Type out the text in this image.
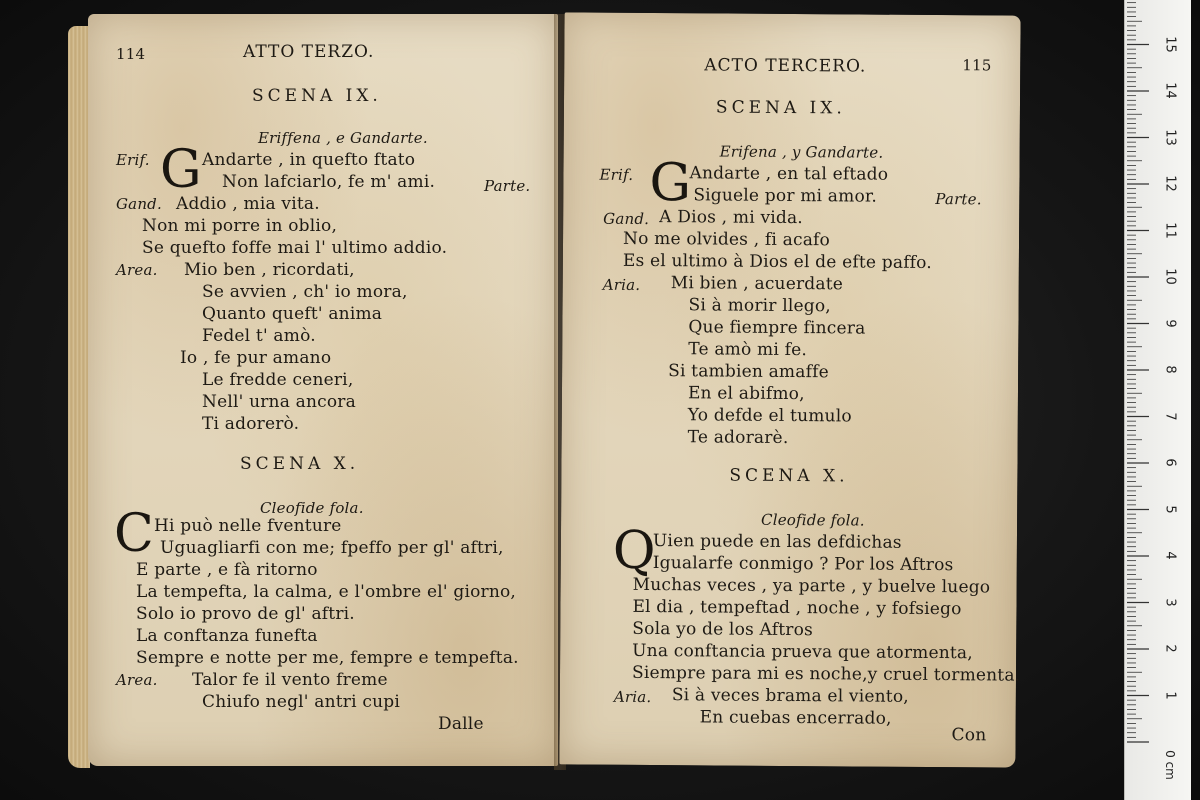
114	ATTO TERZO.
SCENA IX.
Eriffena , e Gandarte.
G
Erif.	Andarte , in quefto ftato
Non lafciarlo, fe m' ami.	Parte.
Gand. Addio , mia vita.
Non mi porre in oblio,
Se quefto foffe mai l' ultimo addio.
Area. Mio ben , ricordati,
Se avvien , ch' io mora,
Quanto queft' anima
Fedel t' amò.
Io , fe pur amano
Le fredde ceneri,
Nell' urna ancora
Ti adorerò.
SCENA X.
Cleofide fola.
C Hi può nelle fventure
Uguagliarfi con me; fpeffo per gl' aftri,
E parte , e fà ritorno
La tempefta, la calma, e l'ombre el' giorno,
Solo io provo de gl' aftri.
La conftanza funefta
Sempre e notte per me, fempre e tempefta.
Area. Talor fe il vento freme
Chiufo negl' antri cupi
Dalle
ACTO TERCERO.	115
SCENA IX.
Erifena , y Gandarte.
G
Erif.	Andarte , en tal eftado
Siguele por mi amor.	Parte.
Gand. A Dios , mi vida.
No me olvides , fi acafo
Es el ultimo à Dios el de efte paffo.
Aria. Mi bien , acuerdate
Si à morir llego,
Que fiempre fincera
Te amò mi fe.
Si tambien amaffe
En el abifmo,
Yo defde el tumulo
Te adorarè.
SCENA X.
Cleofide fola.
Q
Uien puede en las defdichas
Igualarfe conmigo ? Por los Aftros
Muchas veces , ya parte , y buelve luego
El dia , tempeftad , noche , y fofsiego
Sola yo de los Aftros
Una conftancia prueva que atormenta,
Siempre para mi es noche,y cruel tormenta.
Aria. Si à veces brama el viento,
En cuebas encerrado,
Con
0 cm
1
2
3
4
5
6
7
8
9
10
11
12
13
14
15
